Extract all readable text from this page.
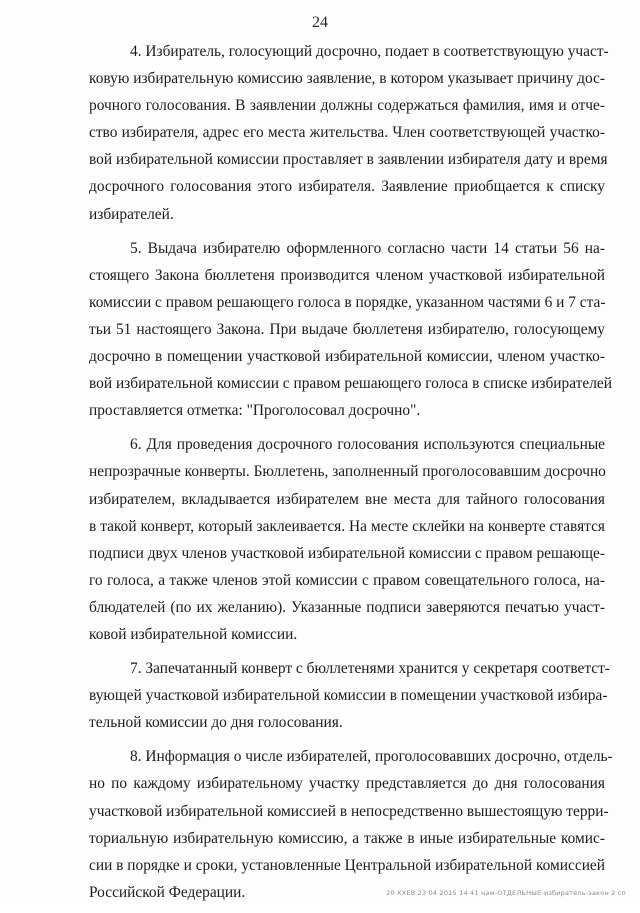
24
4. Избиратель, голосующий досрочно, подает в соответствующую участ-
ковую избирательную комиссию заявление, в котором указывает причину дос-
рочного голосования. В заявлении должны содержаться фамилия, имя и отче-
ство избирателя, адрес его места жительства. Член соответствующей участко-
вой избирательной комиссии проставляет в заявлении избирателя дату и время
досрочного голосования этого избирателя. Заявление приобщается к списку
избирателей.
5. Выдача избирателю оформленного согласно части 14 статьи 56 на-
стоящего Закона бюллетеня производится членом участковой избирательной
комиссии с правом решающего голоса в порядке, указанном частями 6 и 7 ста-
тьи 51 настоящего Закона. При выдаче бюллетеня избирателю, голосующему
досрочно в помещении участковой избирательной комиссии, членом участко-
вой избирательной комиссии с правом решающего голоса в списке избирателей
проставляется отметка: "Проголосовал досрочно".
6. Для проведения досрочного голосования используются специальные
непрозрачные конверты. Бюллетень, заполненный проголосовавшим досрочно
избирателем, вкладывается избирателем вне места для тайного голосования
в такой конверт, который заклеивается. На месте склейки на конверте ставятся
подписи двух членов участковой избирательной комиссии с правом решающе-
го голоса, а также членов этой комиссии с правом совещательного голоса, на-
блюдателей (по их желанию). Указанные подписи заверяются печатью участ-
ковой избирательной комиссии.
7. Запечатанный конверт с бюллетенями хранится у секретаря соответст-
вующей участковой избирательной комиссии в помещении участковой избира-
тельной комиссии до дня голосования.
8. Информация о числе избирателей, проголосовавших досрочно, отдель-
но по каждому избирательному участку представляется до дня голосования
участковой избирательной комиссией в непосредственно вышестоящую терри-
ториальную избирательную комиссию, а также в иные избирательные комис-
сии в порядке и сроки, установленные Центральной избирательной комиссией
Российской Федерации.	20 ХХЕВ 23 04 2015 14 41 нам-ОТДЕЛЬНЫЕ-избиратель-закон 2 сп
